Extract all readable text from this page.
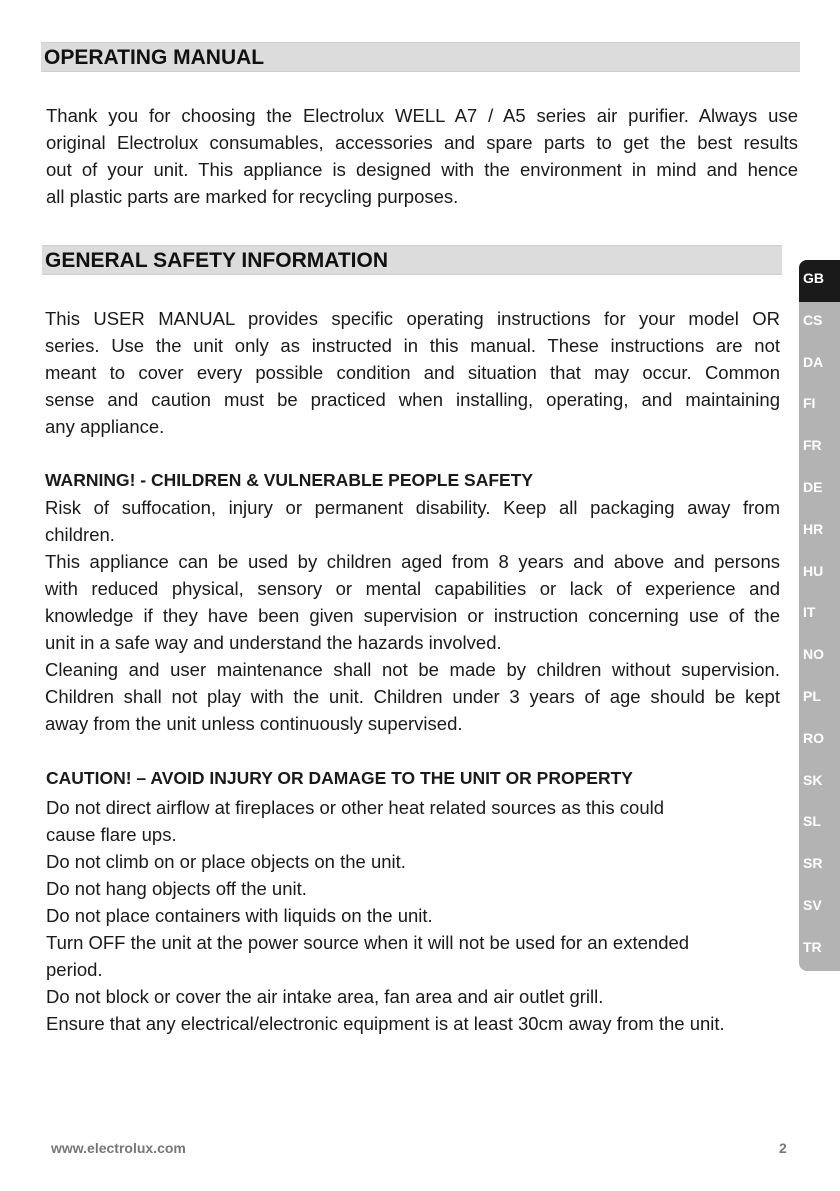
OPERATING MANUAL
Thank you for choosing the Electrolux WELL A7 / A5 series air purifier. Always use
original Electrolux consumables, accessories and spare parts to get the best results
out of your unit. This appliance is designed with the environment in mind and hence
all plastic parts are marked for recycling purposes.
GENERAL SAFETY INFORMATION
This USER MANUAL provides specific operating instructions for your model OR
series. Use the unit only as instructed in this manual. These instructions are not
meant to cover every possible condition and situation that may occur. Common
sense and caution must be practiced when installing, operating, and maintaining
any appliance.
WARNING! - CHILDREN & VULNERABLE PEOPLE SAFETY
Risk of suffocation, injury or permanent disability. Keep all packaging away from
children.
This appliance can be used by children aged from 8 years and above and persons
with reduced physical, sensory or mental capabilities or lack of experience and
knowledge if they have been given supervision or instruction concerning use of the
unit in a safe way and understand the hazards involved.
Cleaning and user maintenance shall not be made by children without supervision.
Children shall not play with the unit. Children under 3 years of age should be kept
away from the unit unless continuously supervised.
CAUTION! – AVOID INJURY OR DAMAGE TO THE UNIT OR PROPERTY
Do not direct airflow at fireplaces or other heat related sources as this could
cause flare ups.
Do not climb on or place objects on the unit.
Do not hang objects off the unit.
Do not place containers with liquids on the unit.
Turn OFF the unit at the power source when it will not be used for an extended
period.
Do not block or cover the air intake area, fan area and air outlet grill.
Ensure that any electrical/electronic equipment is at least 30cm away from the unit.
GB
CS
DA
FI
FR
DE
HR
HU
IT
NO
PL
RO
SK
SL
SR
SV
TR
www.electrolux.com	2
